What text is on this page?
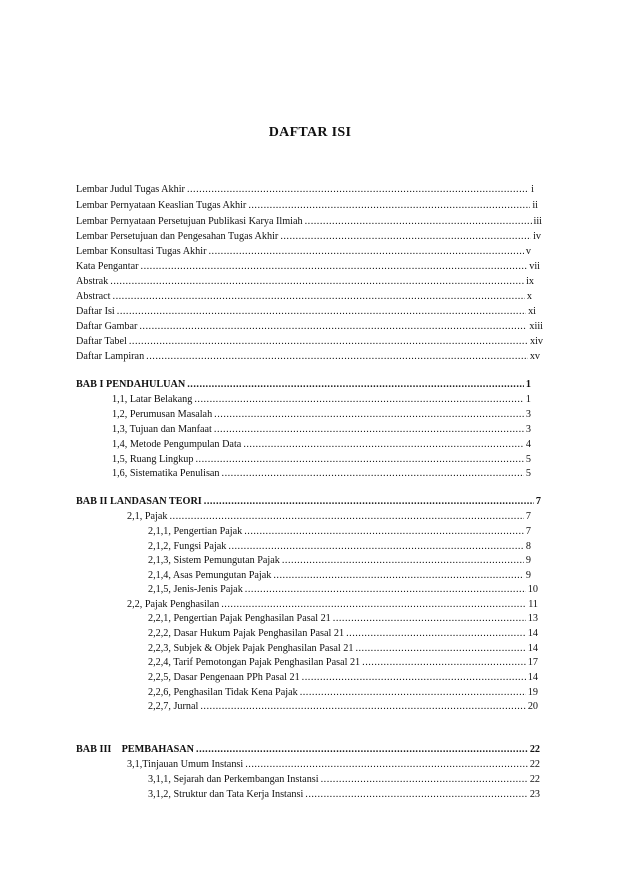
DAFTAR ISI
Lembar Judul Tugas Akhir .....	i
Lembar Pernyataan Keaslian Tugas Akhir .....	ii
Lembar Pernyataan Persetujuan Publikasi Karya Ilmiah .....	iii
Lembar Persetujuan dan Pengesahan Tugas Akhir .....	iv
Lembar Konsultasi Tugas Akhir .....	v
Kata Pengantar .....	vii
Abstrak .....	ix
Abstract .....	x
Daftar Isi .....	xi
Daftar Gambar .....	xiii
Daftar Tabel .....	xiv
Daftar Lampiran .....	xv
BAB I PENDAHULUAN .....	1
1,1, Latar Belakang .....	1
1,2, Perumusan Masalah .....	3
1,3, Tujuan dan Manfaat .....	3
1,4, Metode Pengumpulan Data .....	4
1,5, Ruang Lingkup .....	5
1,6, Sistematika Penulisan .....	5
BAB II LANDASAN TEORI .....	7
2,1, Pajak .....	7
2,1,1, Pengertian Pajak .....	7
2,1,2, Fungsi Pajak .....	8
2,1,3, Sistem Pemungutan Pajak .....	9
2,1,4, Asas Pemungutan Pajak .....	9
2,1,5, Jenis-Jenis Pajak .....	10
2,2, Pajak Penghasilan .....	11
2,2,1, Pengertian Pajak Penghasilan Pasal 21 .....	13
2,2,2, Dasar Hukum Pajak Penghasilan Pasal 21 .....	14
2,2,3, Subjek & Objek Pajak Penghasilan Pasal 21 .....	14
2,2,4, Tarif Pemotongan Pajak Penghasilan Pasal 21 .....	17
2,2,5, Dasar Pengenaan PPh Pasal 21 .....	14
2,2,6, Penghasilan Tidak Kena Pajak .....	19
2,2,7, Jurnal .....	20
BAB III    PEMBAHASAN .....	22
3,1,Tinjauan Umum Instansi .....	22
3,1,1, Sejarah dan Perkembangan Instansi .....	22
3,1,2, Struktur dan Tata Kerja Instansi .....	23
